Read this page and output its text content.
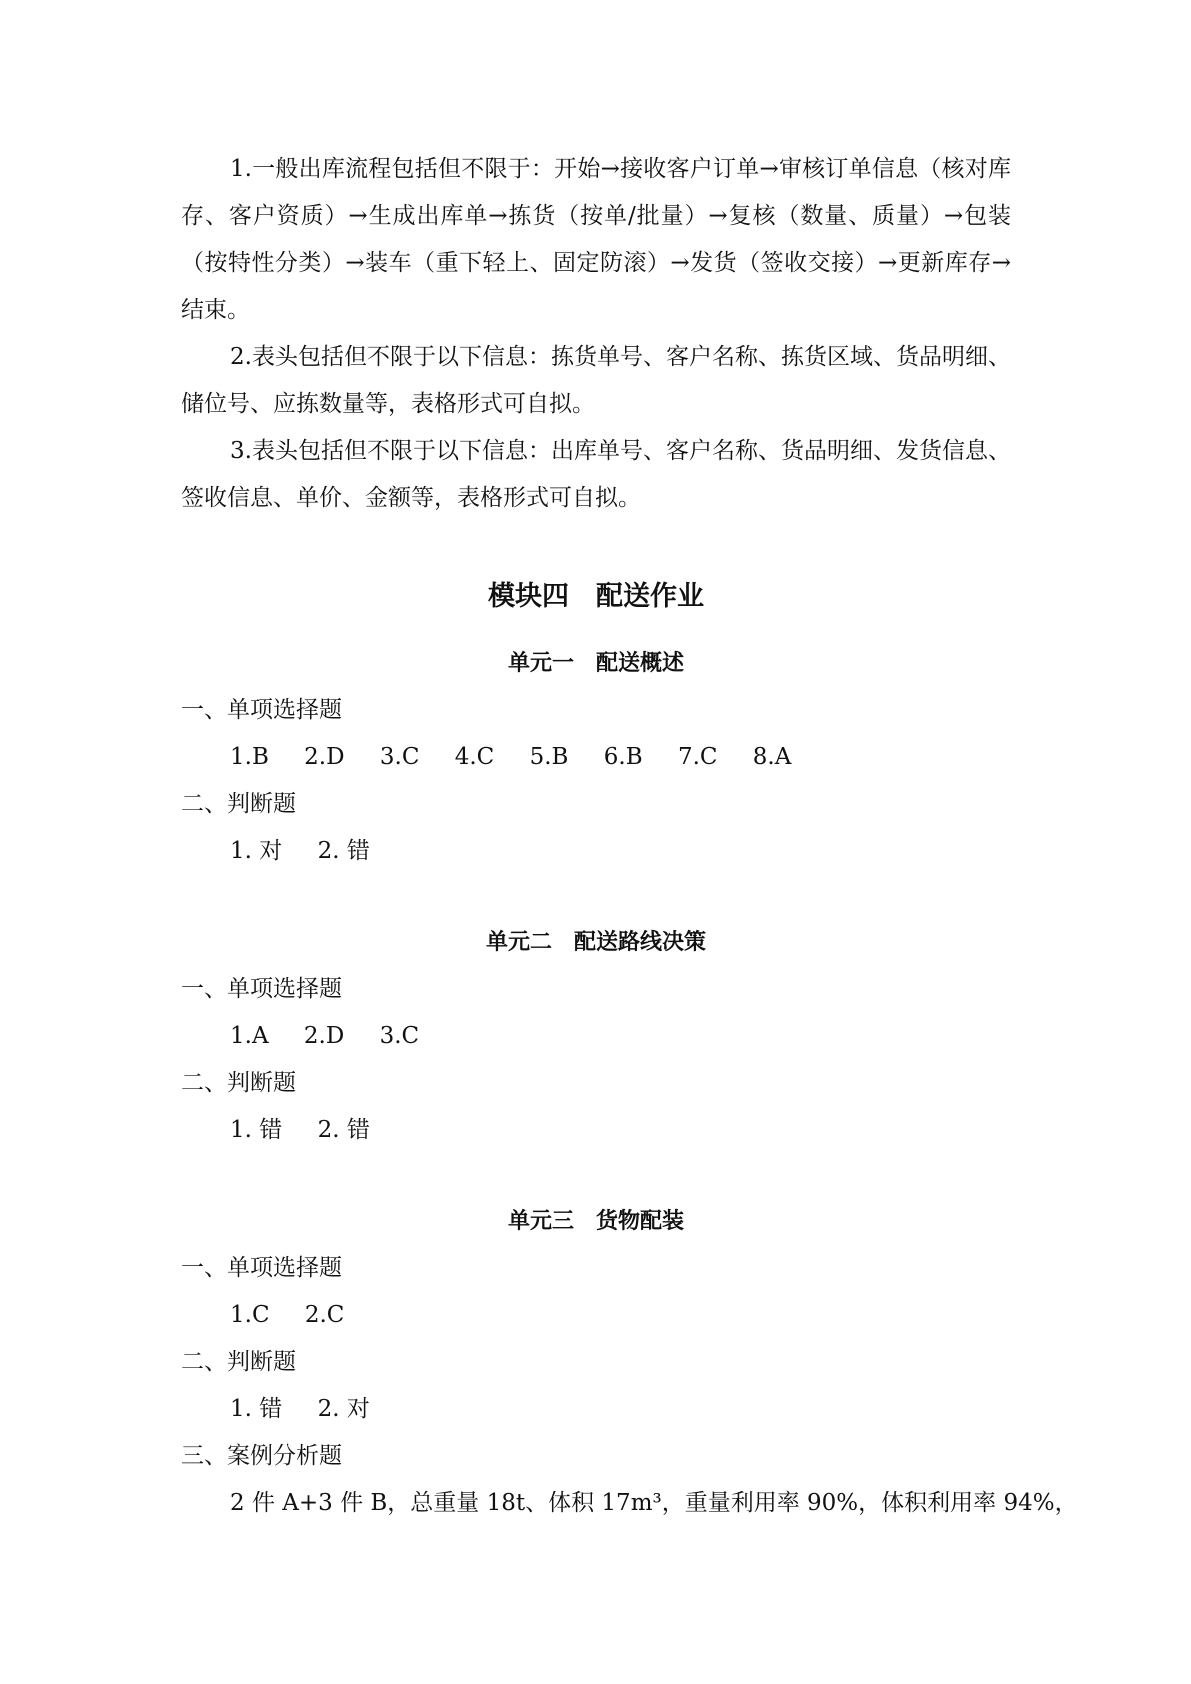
1.一般出库流程包括但不限于：开始→接收客户订单→审核订单信息（核对库存、客户资质）→生成出库单→拣货（按单/批量）→复核（数量、质量）→包装（按特性分类）→装车（重下轻上、固定防滚）→发货（签收交接）→更新库存→结束。

2.表头包括但不限于以下信息：拣货单号、客户名称、拣货区域、货品明细、储位号、应拣数量等，表格形式可自拟。

3.表头包括但不限于以下信息：出库单号、客户名称、货品明细、发货信息、签收信息、单价、金额等，表格形式可自拟。

模块四　配送作业
单元一　配送概述

一、单项选择题

1.B 2.D 3.C 4.C 5.B 6.B 7.C 8.A

二、判断题

1. 对 2. 错

单元二　配送路线决策

一、单项选择题

1.A 2.D 3.C

二、判断题

1. 错 2. 错

单元三　货物配装

一、单项选择题

1.C 2.C

二、判断题

1. 错 2. 对

三、案例分析题

2 件 A+3 件 B，总重量 18t、体积 17m³，重量利用率 90%，体积利用率 94%，
